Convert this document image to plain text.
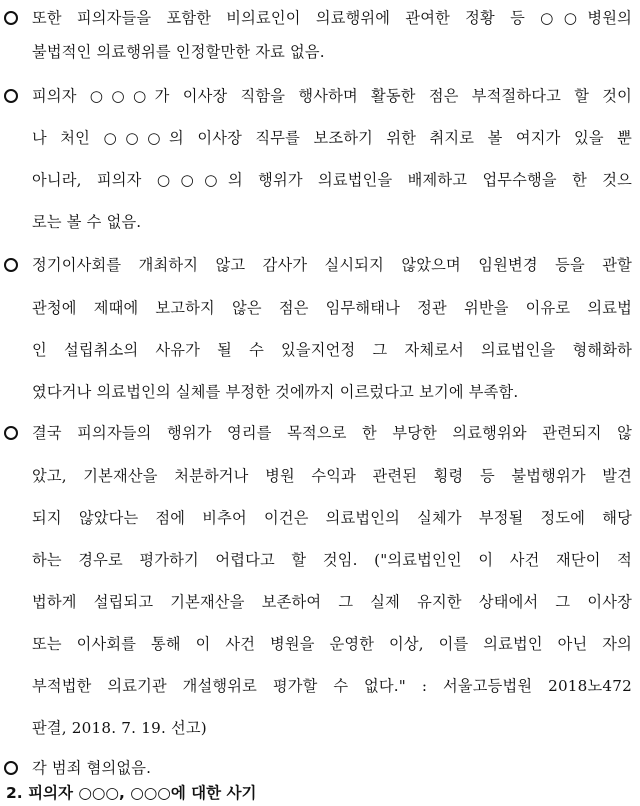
또한 피의자들을 포함한 비의료인이 의료행위에 관여한 정황 등 ○○병원의
불법적인 의료행위를 인정할만한 자료 없음.
피의자 ○○○가 이사장 직함을 행사하며 활동한 점은 부적절하다고 할 것이
나 처인 ○○○의 이사장 직무를 보조하기 위한 취지로 볼 여지가 있을 뿐
아니라, 피의자 ○○○의 행위가 의료법인을 배제하고 업무수행을 한 것으
로는 볼 수 없음.
정기이사회를 개최하지 않고 감사가 실시되지 않았으며 임원변경 등을 관할
관청에 제때에 보고하지 않은 점은 임무해태나 정관 위반을 이유로 의료법
인 설립취소의 사유가 될 수 있을지언정 그 자체로서 의료법인을 형해화하
였다거나 의료법인의 실체를 부정한 것에까지 이르렀다고 보기에 부족함.
결국 피의자들의 행위가 영리를 목적으로 한 부당한 의료행위와 관련되지 않
았고, 기본재산을 처분하거나 병원 수익과 관련된 횡령 등 불법행위가 발견
되지 않았다는 점에 비추어 이건은 의료법인의 실체가 부정될 정도에 해당
하는 경우로 평가하기 어렵다고 할 것임. ("의료법인인 이 사건 재단이 적
법하게 설립되고 기본재산을 보존하여 그 실제 유지한 상태에서 그 이사장
또는 이사회를 통해 이 사건 병원을 운영한 이상, 이를 의료법인 아닌 자의
부적법한 의료기관 개설행위로 평가할 수 없다." : 서울고등법원 2018노472
판결, 2018. 7. 19. 선고)
각 범죄 혐의없음.
2. 피의자 ○○○, ○○○에 대한 사기
